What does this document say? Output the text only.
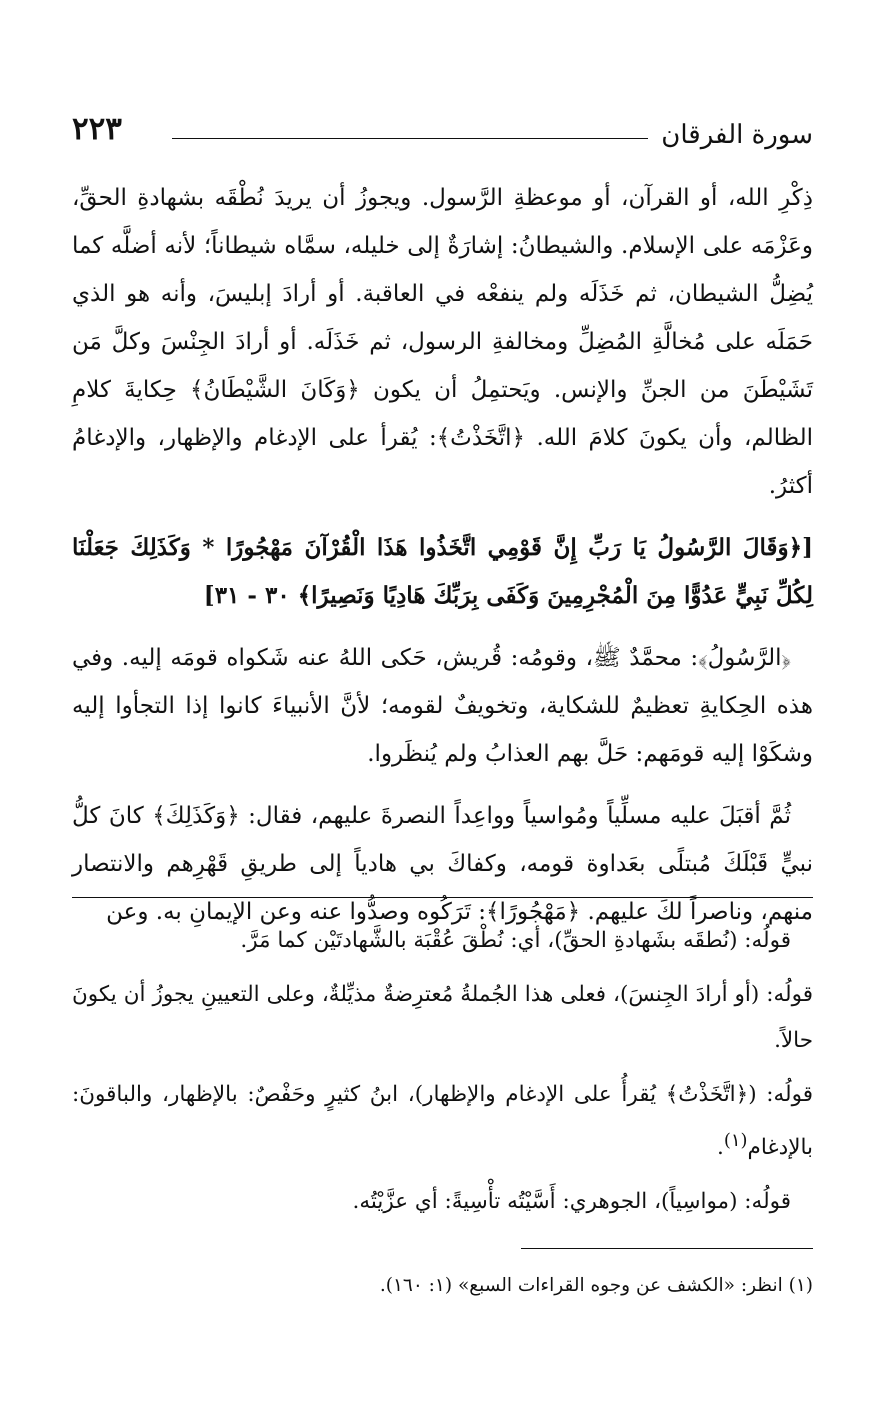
سورة الفرقان
٢٢٣

ذِكْرِ الله، أو القرآن، أو موعظةِ الرَّسول. ويجوزُ أن يريدَ نُطْقَه بشهادةِ الحقِّ، وعَزْمَه على الإسلام. والشيطانُ: إشارَةٌ إلى خليله، سمَّاه شيطاناً؛ لأنه أضلَّه كما يُضِلُّ الشيطان، ثم خَذَلَه ولم ينفعْه في العاقبة. أو أرادَ إبليسَ، وأنه هو الذي حَمَلَه على مُخالَّةِ المُضِلِّ ومخالفةِ الرسول، ثم خَذَلَه. أو أرادَ الجِنْسَ وكلَّ مَن تَشَيْطَنَ من الجنِّ والإنس. ويَحتمِلُ أن يكون ﴿وَكَانَ الشَّيْطَانُ﴾ حِكايةَ كلامِ الظالم، وأن يكونَ كلامَ الله. ﴿اتَّخَذْتُ﴾: يُقرأ على الإدغام والإظهار، والإدغامُ أكثرُ.

[﴿وَقَالَ الرَّسُولُ يَا رَبِّ إِنَّ قَوْمِي اتَّخَذُوا هَذَا الْقُرْآنَ مَهْجُورًا * وَكَذَلِكَ جَعَلْنَا لِكُلِّ نَبِيٍّ عَدُوًّا مِنَ الْمُجْرِمِينَ وَكَفَى بِرَبِّكَ هَادِيًا وَنَصِيرًا﴾ ٣٠ - ٣١]

﴿الرَّسُولُ﴾: محمَّدٌ ﷺ، وقومُه: قُريش، حَكى اللهُ عنه شَكواه قومَه إليه. وفي هذه الحِكايةِ تعظيمٌ للشكاية، وتخويفٌ لقومه؛ لأنَّ الأنبياءَ كانوا إذا التجأوا إليه وشكَوْا إليه قومَهم: حَلَّ بهم العذابُ ولم يُنظَروا.

ثُمَّ أقبَلَ عليه مسلِّياً ومُواسياً وواعِداً النصرةَ عليهم، فقال: ﴿وَكَذَلِكَ﴾ كانَ كلُّ نبيٍّ قَبْلَكَ مُبتلًى بعَداوة قومه، وكفاكَ بي هادياً إلى طريقِ قَهْرِهم والانتصار منهم، وناصراً لكَ عليهم. ﴿مَهْجُورًا﴾: تَرَكُوه وصدُّوا عنه وعن الإيمانِ به. وعن

قولُه: (نُطقَه بشَهادةِ الحقِّ)، أي: نُطْقَ عُقْبَة بالشَّهادتَيْن كما مَرَّ.

قولُه: (أو أرادَ الجِنسَ)، فعلى هذا الجُملةُ مُعترِضةٌ مذيِّلةٌ، وعلى التعيينِ يجوزُ أن يكونَ حالاً.

قولُه: (﴿اتَّخَذْتُ﴾ يُقرأُ على الإدغام والإظهار)، ابنُ كثيرٍ وحَفْصٌ: بالإظهار، والباقونَ: بالإدغام$^{(١)}$.

قولُه: (مواسِياً)، الجوهري: أَسَّيْتُه تأْسِيةً: أي عزَّيْتُه.

(١) انظر: «الكشف عن وجوه القراءات السبع» (١: ١٦٠).
